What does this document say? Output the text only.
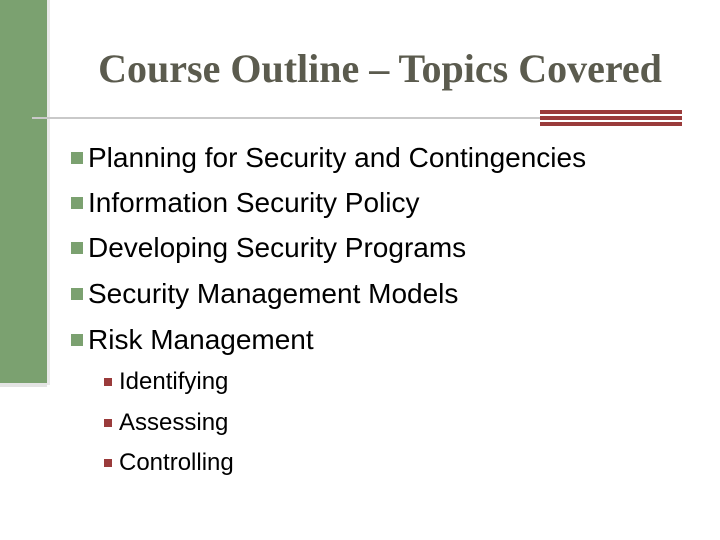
Course Outline – Topics Covered
Planning for Security and Contingencies
Information Security Policy
Developing Security Programs
Security Management Models
Risk Management
Identifying
Assessing
Controlling
